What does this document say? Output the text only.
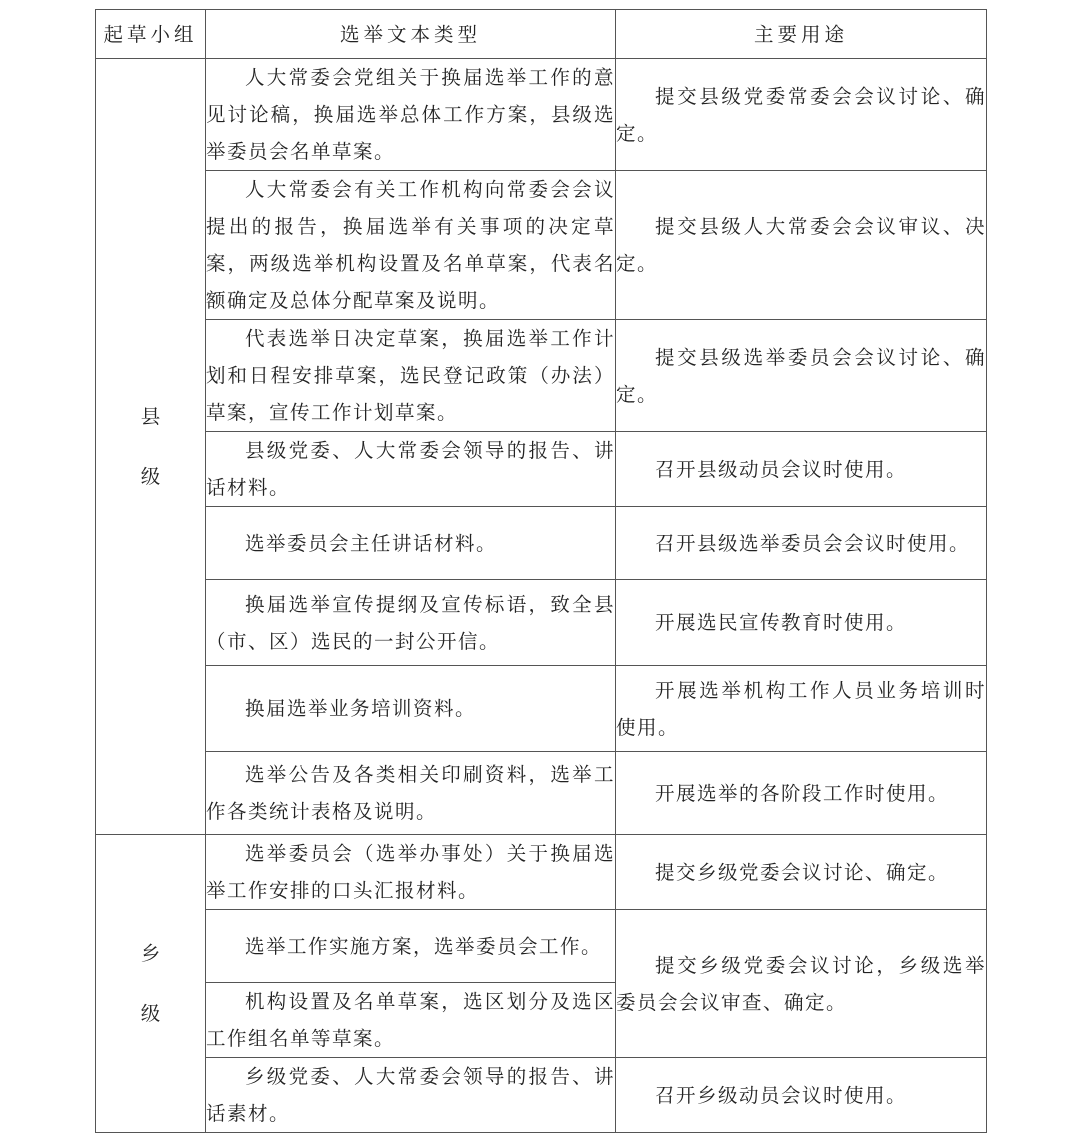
起草小组	选举文本类型	主要用途

县
级	人大常委会党组关于换届选举工作的意见讨论稿，换届选举总体工作方案，县级选举委员会名单草案。	提交县级党委常委会会议讨论、确定。
	人大常委会有关工作机构向常委会会议提出的报告，换届选举有关事项的决定草案，两级选举机构设置及名单草案，代表名额确定及总体分配草案及说明。	提交县级人大常委会会议审议、决定。
	代表选举日决定草案，换届选举工作计划和日程安排草案，选民登记政策（办法）草案，宣传工作计划草案。	提交县级选举委员会会议讨论、确定。
	县级党委、人大常委会领导的报告、讲话材料。	召开县级动员会议时使用。
	选举委员会主任讲话材料。	召开县级选举委员会会议时使用。
	换届选举宣传提纲及宣传标语，致全县（市、区）选民的一封公开信。	开展选民宣传教育时使用。
	换届选举业务培训资料。	开展选举机构工作人员业务培训时使用。
	选举公告及各类相关印刷资料，选举工作各类统计表格及说明。	开展选举的各阶段工作时使用。

乡
级	选举委员会（选举办事处）关于换届选举工作安排的口头汇报材料。	提交乡级党委会议讨论、确定。
	选举工作实施方案，选举委员会工作。	提交乡级党委会议讨论，乡级选举委员会会议审查、确定。
	机构设置及名单草案，选区划分及选区工作组名单等草案。	
	乡级党委、人大常委会领导的报告、讲话素材。	召开乡级动员会议时使用。
